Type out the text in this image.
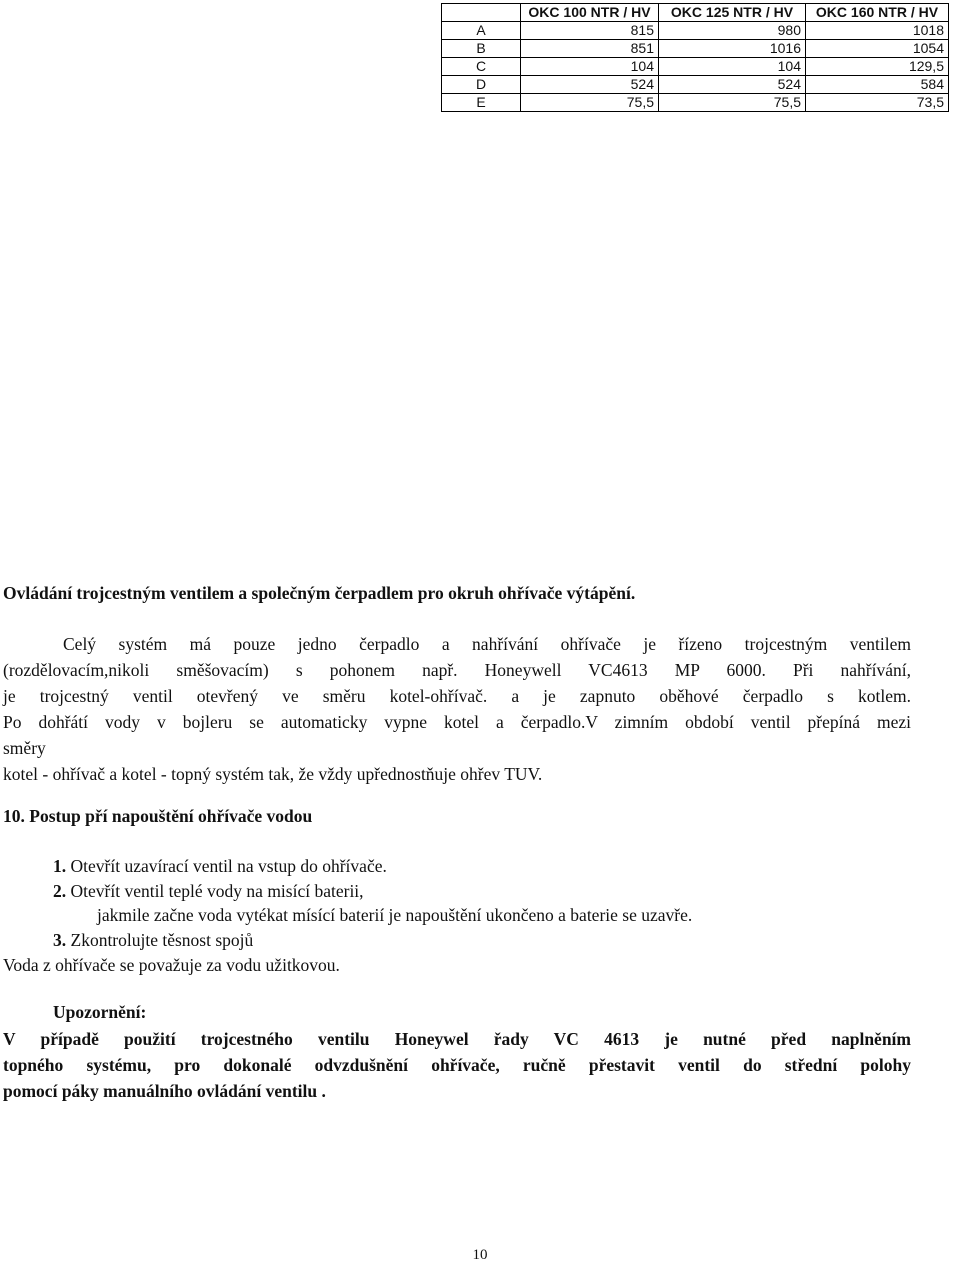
	OKC 100 NTR / HV	OKC 125 NTR / HV	OKC 160 NTR / HV
A	815	980	1018
B	851	1016	1054
C	104	104	129,5
D	524	524	584
E	75,5	75,5	73,5
Ovládání trojcestným ventilem a společným čerpadlem pro okruh ohřívače výtápění.
Celý systém má pouze jedno čerpadlo a nahřívání ohřívače je řízeno trojcestným ventilem
(rozdělovacím,nikoli směšovacím) s pohonem např. Honeywell VC4613 MP 6000. Při nahřívání,
je trojcestný ventil otevřený ve směru kotel-ohřívač. a je zapnuto oběhové čerpadlo s kotlem.
Po dohřátí vody v bojleru se automaticky vypne kotel a čerpadlo.V zimním období ventil přepíná mezi
směry
kotel - ohřívač a kotel - topný systém tak, že vždy upřednostňuje ohřev TUV.
10. Postup pří napouštění ohřívače vodou
1. Otevřít uzavírací ventil na vstup do ohřívače.
2. Otevřít ventil teplé vody na misící baterii,
jakmile začne voda vytékat mísící baterií je napouštění ukončeno a baterie se uzavře.
3. Zkontrolujte těsnost spojů
Voda z ohřívače se považuje za vodu užitkovou.
Upozornění:
V případě použití trojcestného ventilu Honeywel řady VC 4613 je nutné před naplněním
topného systému, pro dokonalé odvzdušnění ohřívače, ručně přestavit ventil do střední polohy
pomocí páky manuálního ovládání ventilu .
10
